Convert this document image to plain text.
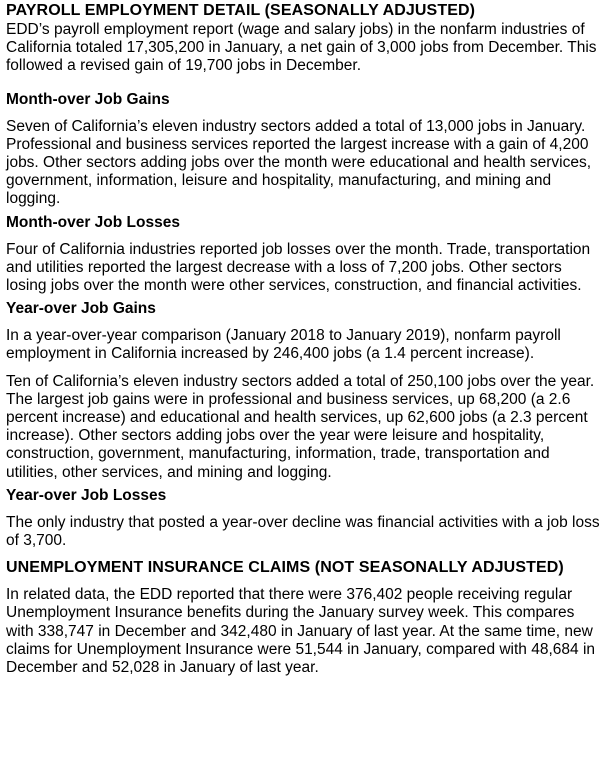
PAYROLL EMPLOYMENT DETAIL (SEASONALLY ADJUSTED)

EDD’s payroll employment report (wage and salary jobs) in the nonfarm industries of California totaled 17,305,200 in January, a net gain of 3,000 jobs from December. This followed a revised gain of 19,700 jobs in December.

Month-over Job Gains

Seven of California’s eleven industry sectors added a total of 13,000 jobs in January. Professional and business services reported the largest increase with a gain of 4,200 jobs. Other sectors adding jobs over the month were educational and health services, government, information, leisure and hospitality, manufacturing, and mining and logging.

Month-over Job Losses

Four of California industries reported job losses over the month. Trade, transportation and utilities reported the largest decrease with a loss of 7,200 jobs. Other sectors losing jobs over the month were other services, construction, and financial activities.

Year-over Job Gains

In a year-over-year comparison (January 2018 to January 2019), nonfarm payroll employment in California increased by 246,400 jobs (a 1.4 percent increase).

Ten of California’s eleven industry sectors added a total of 250,100 jobs over the year. The largest job gains were in professional and business services, up 68,200 (a 2.6 percent increase) and educational and health services, up 62,600 jobs (a 2.3 percent increase). Other sectors adding jobs over the year were leisure and hospitality, construction, government, manufacturing, information, trade, transportation and utilities, other services, and mining and logging.

Year-over Job Losses

The only industry that posted a year-over decline was financial activities with a job loss of 3,700.

UNEMPLOYMENT INSURANCE CLAIMS (NOT SEASONALLY ADJUSTED)

In related data, the EDD reported that there were 376,402 people receiving regular Unemployment Insurance benefits during the January survey week. This compares with 338,747 in December and 342,480 in January of last year. At the same time, new claims for Unemployment Insurance were 51,544 in January, compared with 48,684 in December and 52,028 in January of last year.
